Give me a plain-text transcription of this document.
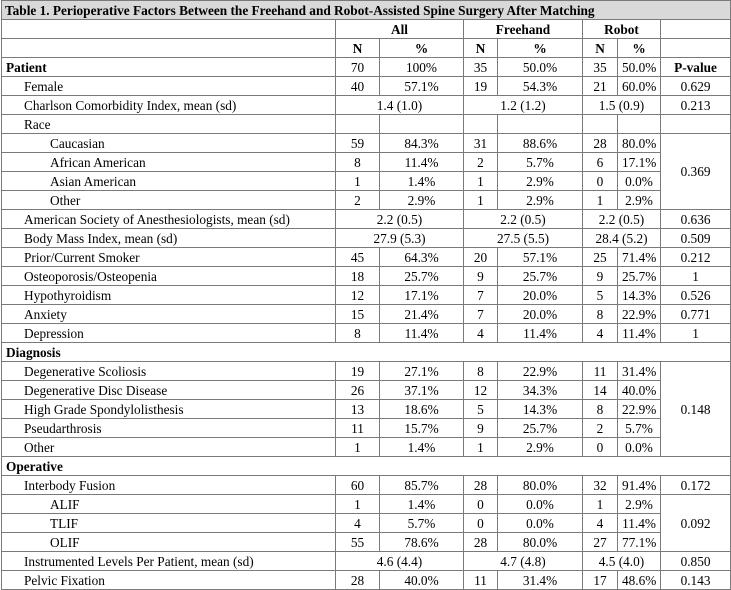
Table 1. Perioperative Factors Between the Freehand and Robot-Assisted Spine Surgery After Matching							
	All		Freehand		Robot		
	N	%	N	%	N	%	
Patient	70	100%	35	50.0%	35	50.0%	P-value
Female	40	57.1%	19	54.3%	21	60.0%	0.629
Charlson Comorbidity Index, mean (sd)	1.4 (1.0)		1.2 (1.2)		1.5 (0.9)		0.213
Race							
Caucasian	59	84.3%	31	88.6%	28	80.0%	0.369
African American	8	11.4%	2	5.7%	6	17.1%	
Asian American	1	1.4%	1	2.9%	0	0.0%	
Other	2	2.9%	1	2.9%	1	2.9%	
American Society of Anesthesiologists, mean (sd)	2.2 (0.5)		2.2 (0.5)		2.2 (0.5)		0.636
Body Mass Index, mean (sd)	27.9 (5.3)		27.5 (5.5)		28.4 (5.2)		0.509
Prior/Current Smoker	45	64.3%	20	57.1%	25	71.4%	0.212
Osteoporosis/Osteopenia	18	25.7%	9	25.7%	9	25.7%	1
Hypothyroidism	12	17.1%	7	20.0%	5	14.3%	0.526
Anxiety	15	21.4%	7	20.0%	8	22.9%	0.771
Depression	8	11.4%	4	11.4%	4	11.4%	1
Diagnosis							
Degenerative Scoliosis	19	27.1%	8	22.9%	11	31.4%	0.148
Degenerative Disc Disease	26	37.1%	12	34.3%	14	40.0%	
High Grade Spondylolisthesis	13	18.6%	5	14.3%	8	22.9%	
Pseudarthrosis	11	15.7%	9	25.7%	2	5.7%	
Other	1	1.4%	1	2.9%	0	0.0%	
Operative							
Interbody Fusion	60	85.7%	28	80.0%	32	91.4%	0.172
ALIF	1	1.4%	0	0.0%	1	2.9%	0.092
TLIF	4	5.7%	0	0.0%	4	11.4%	
OLIF	55	78.6%	28	80.0%	27	77.1%	
Instrumented Levels Per Patient, mean (sd)	4.6 (4.4)		4.7 (4.8)		4.5 (4.0)		0.850
Pelvic Fixation	28	40.0%	11	31.4%	17	48.6%	0.143
